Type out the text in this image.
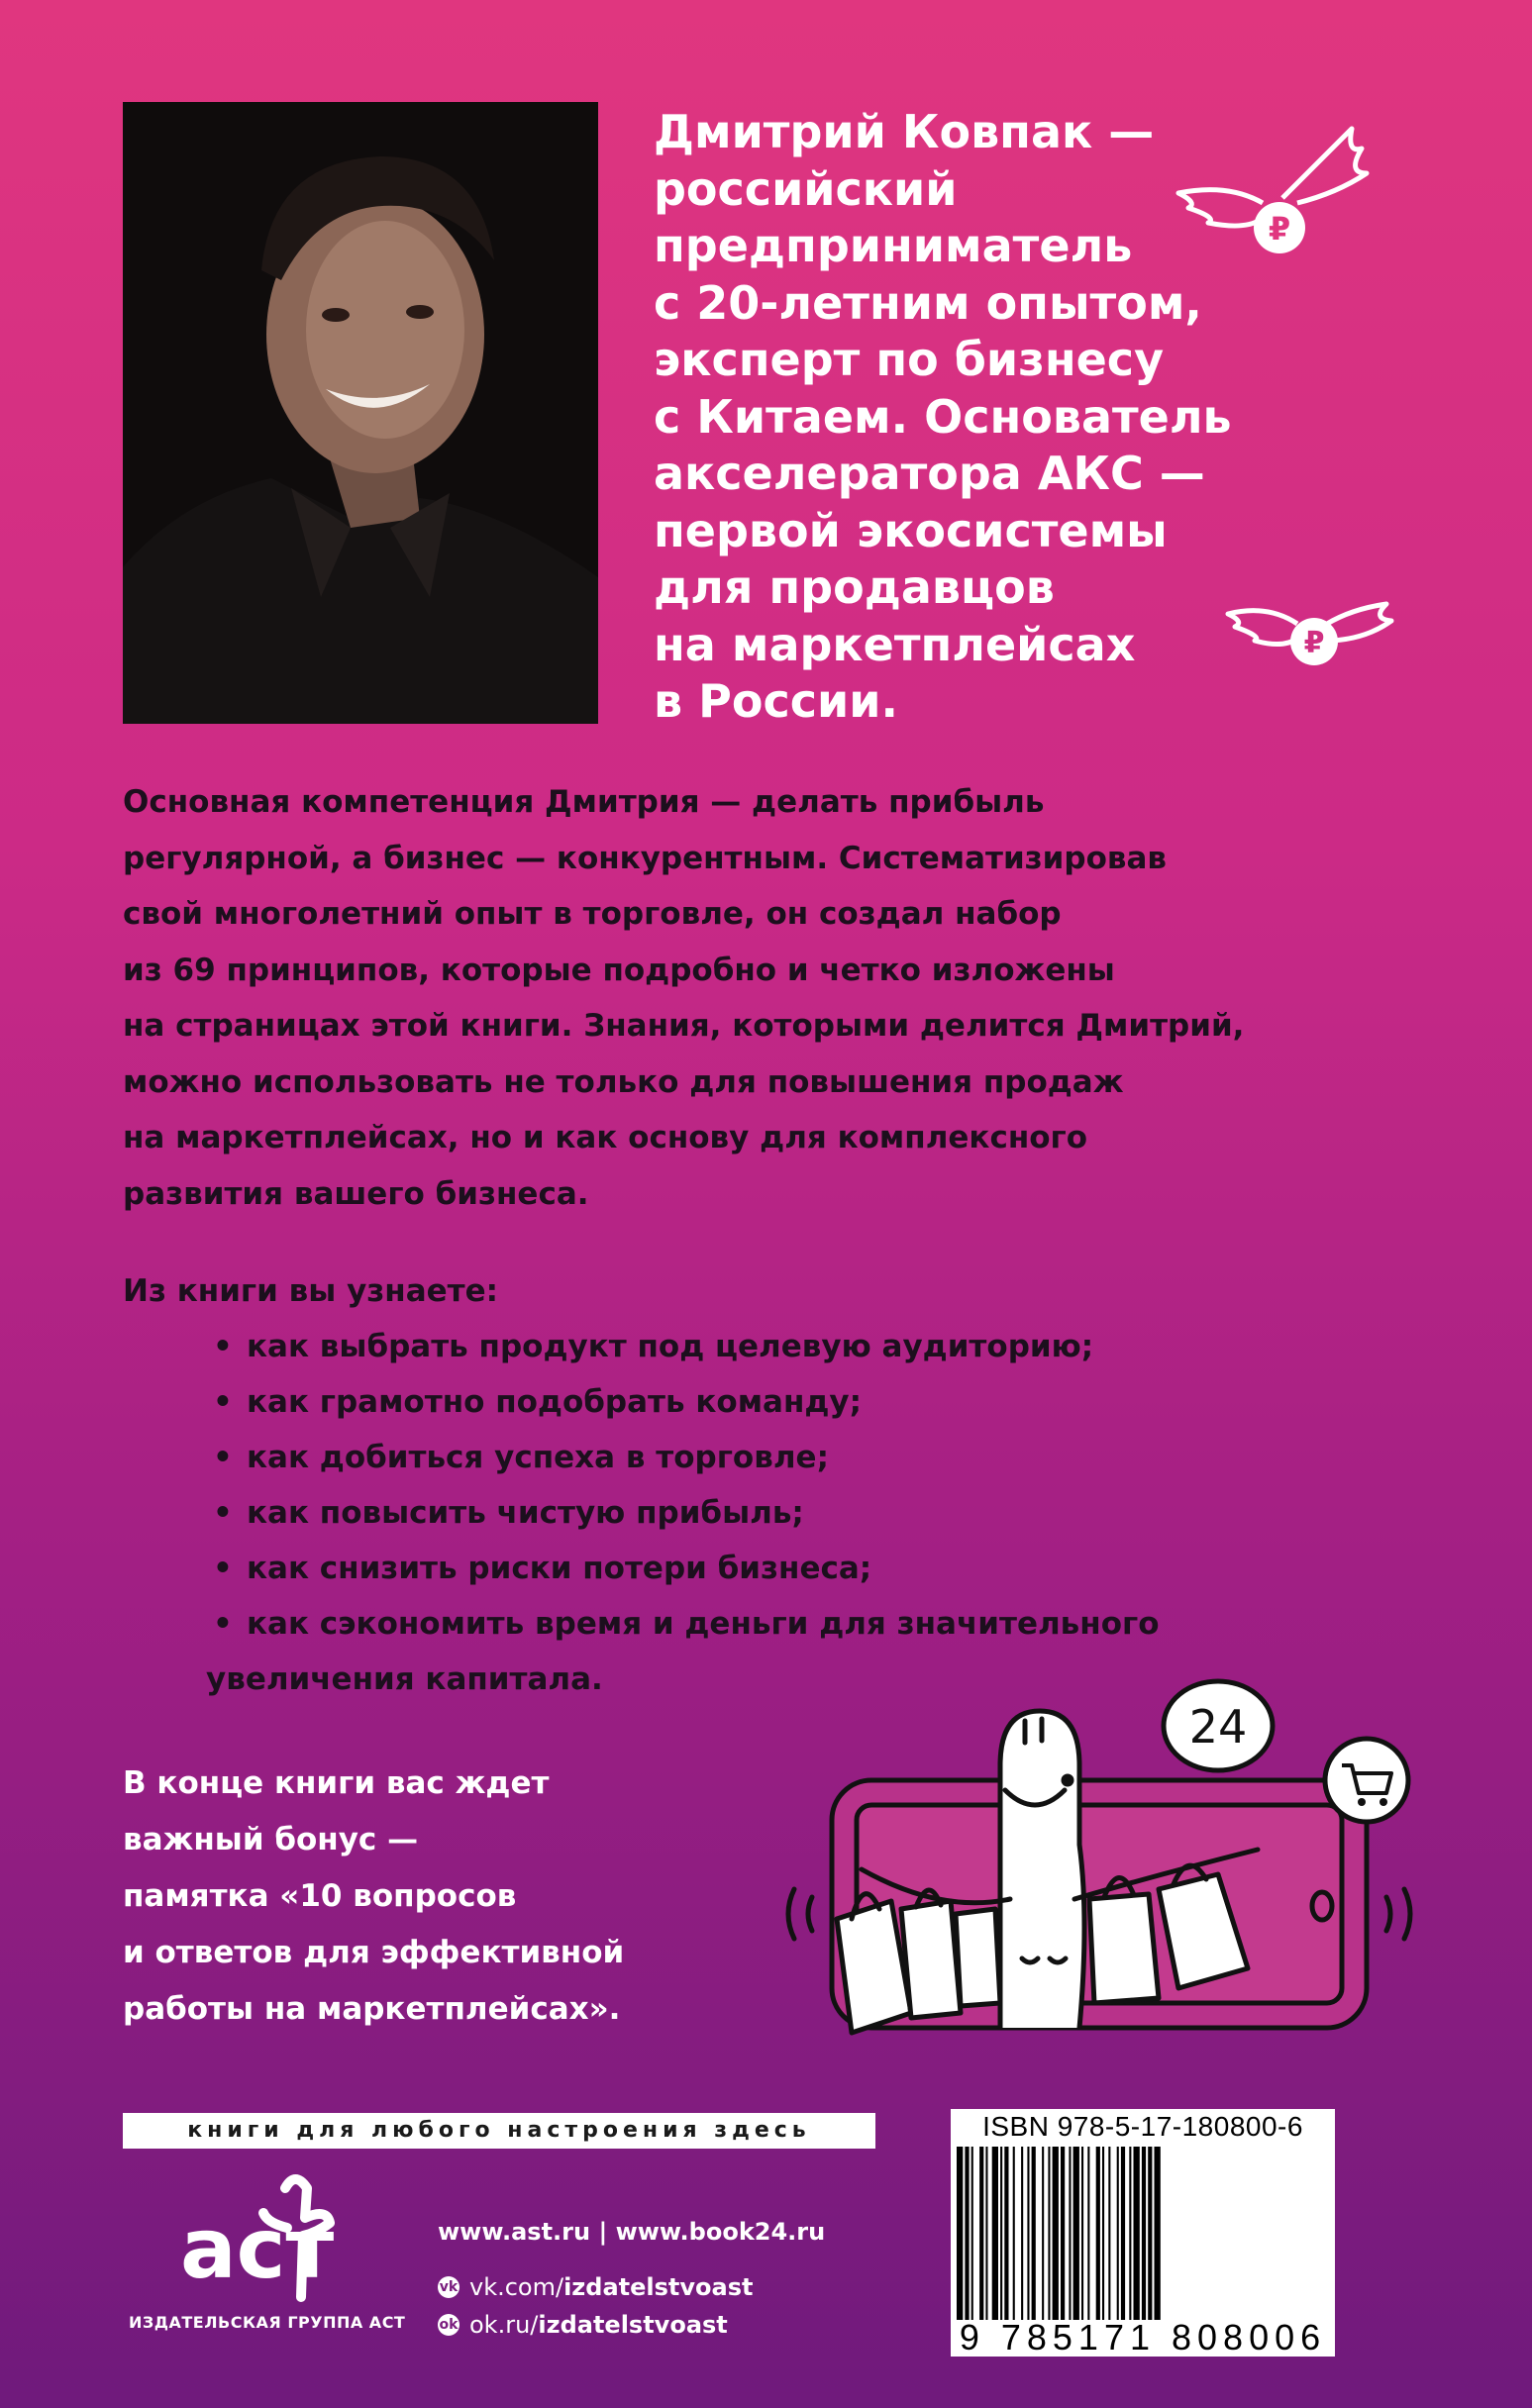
Дмитрий Ковпак —
российский
предприниматель
с 20-летним опытом,
эксперт по бизнесу
с Китаем. Основатель
акселератора АКС —
первой экосистемы
для продавцов
на маркетплейсах
в России.
₽
₽
Основная компетенция Дмитрия — делать прибыль
регулярной, а бизнес — конкурентным. Систематизировав
свой многолетний опыт в торговле, он создал набор
из 69 принципов, которые подробно и четко изложены
на страницах этой книги. Знания, которыми делится Дмитрий,
можно использовать не только для повышения продаж
на маркетплейсах, но и как основу для комплексного
развития вашего бизнеса.
Из книги вы узнаете:
• как выбрать продукт под целевую аудиторию;
• как грамотно подобрать команду;
• как добиться успеха в торговле;
• как повысить чистую прибыль;
• как снизить риски потери бизнеса;
• как сэкономить время и деньги для значительного
увеличения капитала.
В конце книги вас ждет
важный бонус —
памятка «10 вопросов
и ответов для эффективной
работы на маркетплейсах».
24
книги для любого настроения здесь	ISBN 978-5-17-180800-6
9 785171 808006
аст
ИЗДАТЕЛЬСКАЯ ГРУППА АСТ
www.ast.ru | www.book24.ru
vk vk.com/izdatelstvoast
ok ok.ru/izdatelstvoast
